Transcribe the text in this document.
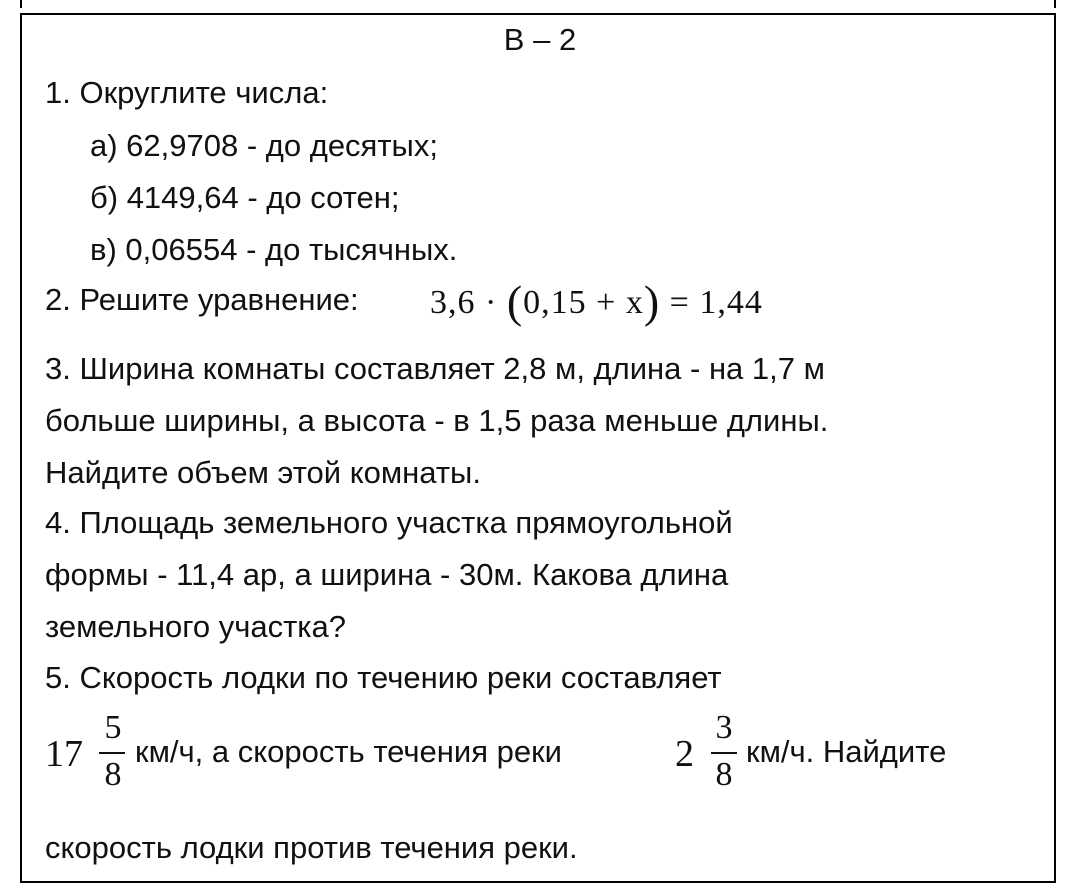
В – 2
1. Округлите числа:
а) 62,9708 - до десятых;
б) 4149,64 - до сотен;
в) 0,06554 - до тысячных.
2. Решите уравнение: 3,6 · (0,15 + x) = 1,44
3. Ширина комнаты составляет 2,8 м, длина - на 1,7 м
больше ширины, а высота - в 1,5 раза меньше длины.
Найдите объем этой комнаты.
4. Площадь земельного участка прямоугольной
формы - 11,4 ар, а ширина - 30м. Какова длина
земельного участка?
5. Скорость лодки по течению реки составляет
17
5
8
км/ч, а скорость течения реки	2
3
8
км/ч. Найдите
скорость лодки против течения реки.
